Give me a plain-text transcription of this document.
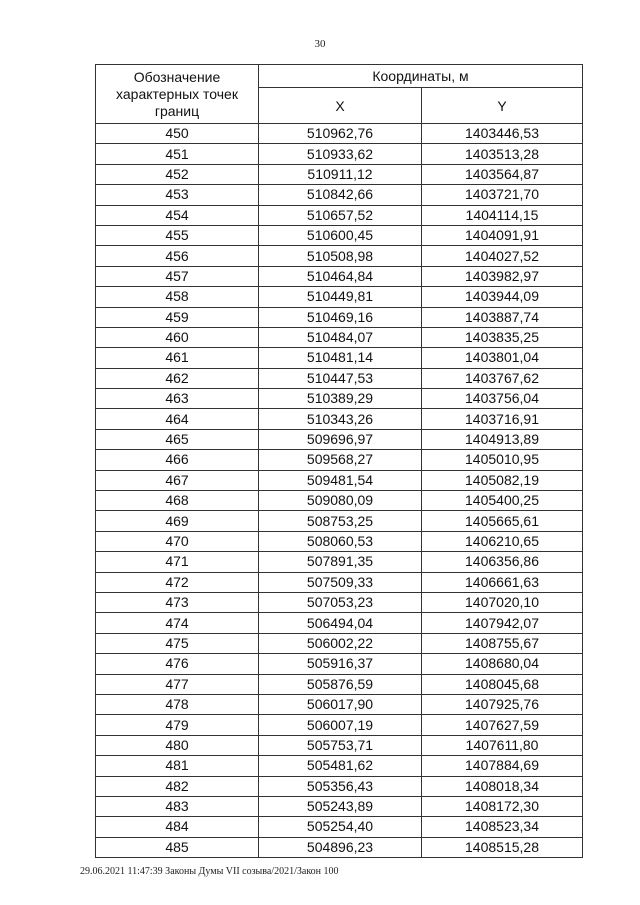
30
Обозначение характерных точек границ	Координаты, м	
	X	Y
450	510962,76	1403446,53
451	510933,62	1403513,28
452	510911,12	1403564,87
453	510842,66	1403721,70
454	510657,52	1404114,15
455	510600,45	1404091,91
456	510508,98	1404027,52
457	510464,84	1403982,97
458	510449,81	1403944,09
459	510469,16	1403887,74
460	510484,07	1403835,25
461	510481,14	1403801,04
462	510447,53	1403767,62
463	510389,29	1403756,04
464	510343,26	1403716,91
465	509696,97	1404913,89
466	509568,27	1405010,95
467	509481,54	1405082,19
468	509080,09	1405400,25
469	508753,25	1405665,61
470	508060,53	1406210,65
471	507891,35	1406356,86
472	507509,33	1406661,63
473	507053,23	1407020,10
474	506494,04	1407942,07
475	506002,22	1408755,67
476	505916,37	1408680,04
477	505876,59	1408045,68
478	506017,90	1407925,76
479	506007,19	1407627,59
480	505753,71	1407611,80
481	505481,62	1407884,69
482	505356,43	1408018,34
483	505243,89	1408172,30
484	505254,40	1408523,34
485	504896,23	1408515,28
29.06.2021 11:47:39 Законы Думы VII созыва/2021/Закон 100
